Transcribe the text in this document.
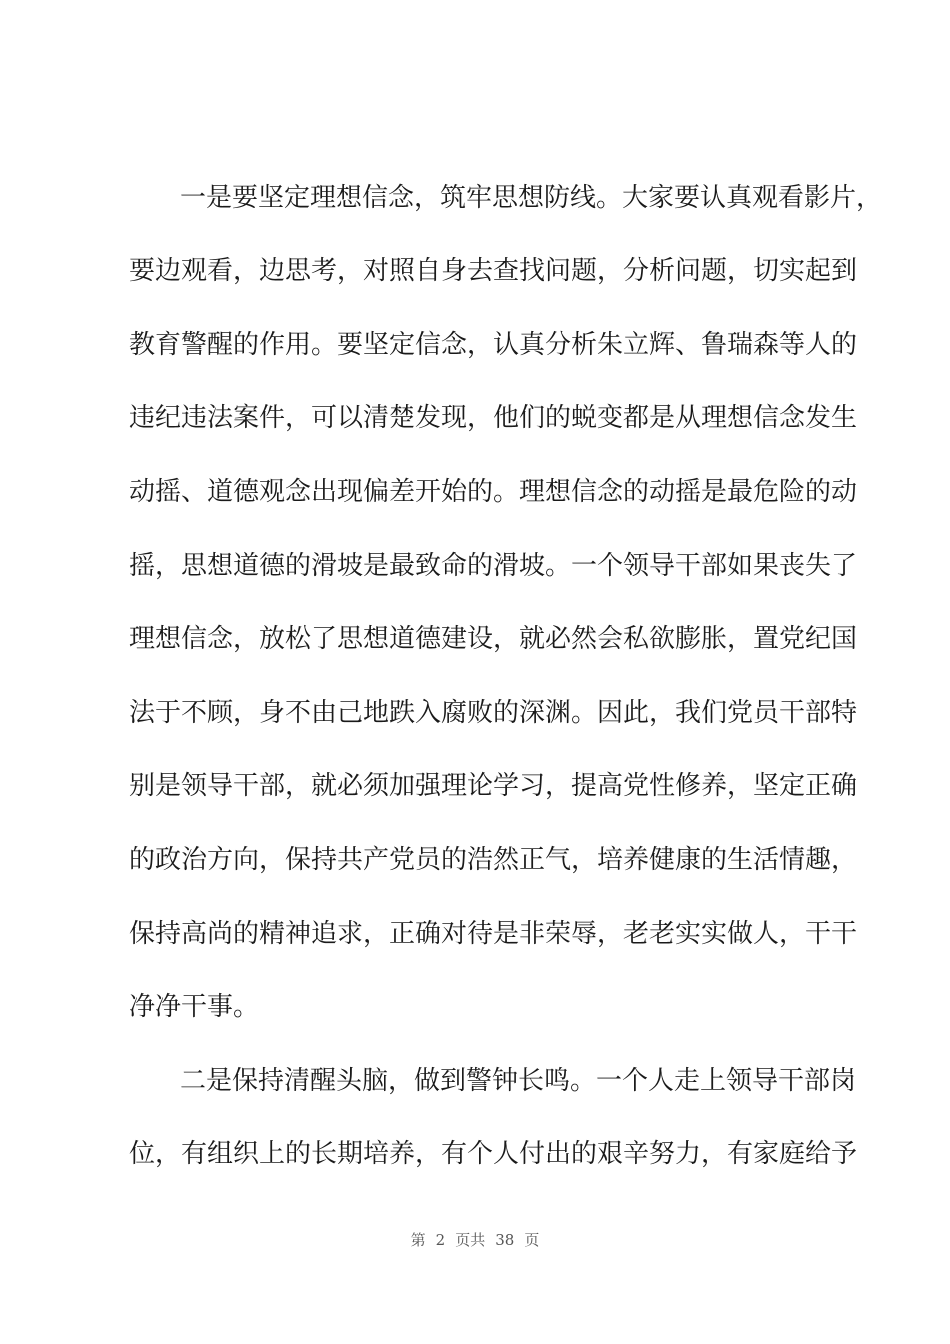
一是要坚定理想信念，筑牢思想防线。大家要认真观看影片，
要边观看，边思考，对照自身去查找问题，分析问题，切实起到
教育警醒的作用。要坚定信念，认真分析朱立辉、鲁瑞森等人的
违纪违法案件，可以清楚发现，他们的蜕变都是从理想信念发生
动摇、道德观念出现偏差开始的。理想信念的动摇是最危险的动
摇，思想道德的滑坡是最致命的滑坡。一个领导干部如果丧失了
理想信念，放松了思想道德建设，就必然会私欲膨胀，置党纪国
法于不顾，身不由己地跌入腐败的深渊。因此，我们党员干部特
别是领导干部，就必须加强理论学习，提高党性修养，坚定正确
的政治方向，保持共产党员的浩然正气，培养健康的生活情趣，
保持高尚的精神追求，正确对待是非荣辱，老老实实做人，干干
净净干事。
二是保持清醒头脑，做到警钟长鸣。一个人走上领导干部岗
位，有组织上的长期培养，有个人付出的艰辛努力，有家庭给予
第 2 页共 38 页
